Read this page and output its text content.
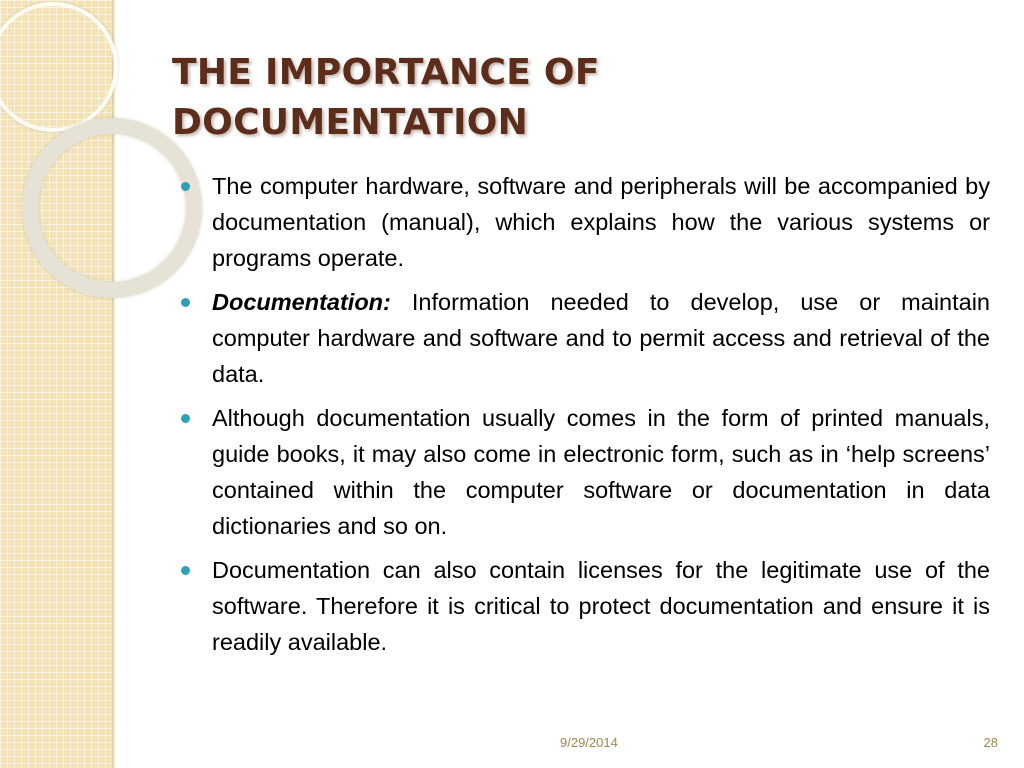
THE IMPORTANCE OF
DOCUMENTATION
The computer hardware, software and peripherals will be accompanied by documentation (manual), which explains how the various systems or programs operate.
Documentation: Information needed to develop, use or maintain computer hardware and software and to permit access and retrieval of the data.
Although documentation usually comes in the form of printed manuals, guide books, it may also come in electronic form, such as in ‘help screens’ contained within the computer software or documentation in data dictionaries and so on.
Documentation can also contain licenses for the legitimate use of the software. Therefore it is critical to protect documentation and ensure it is readily available.
9/29/2014	28
